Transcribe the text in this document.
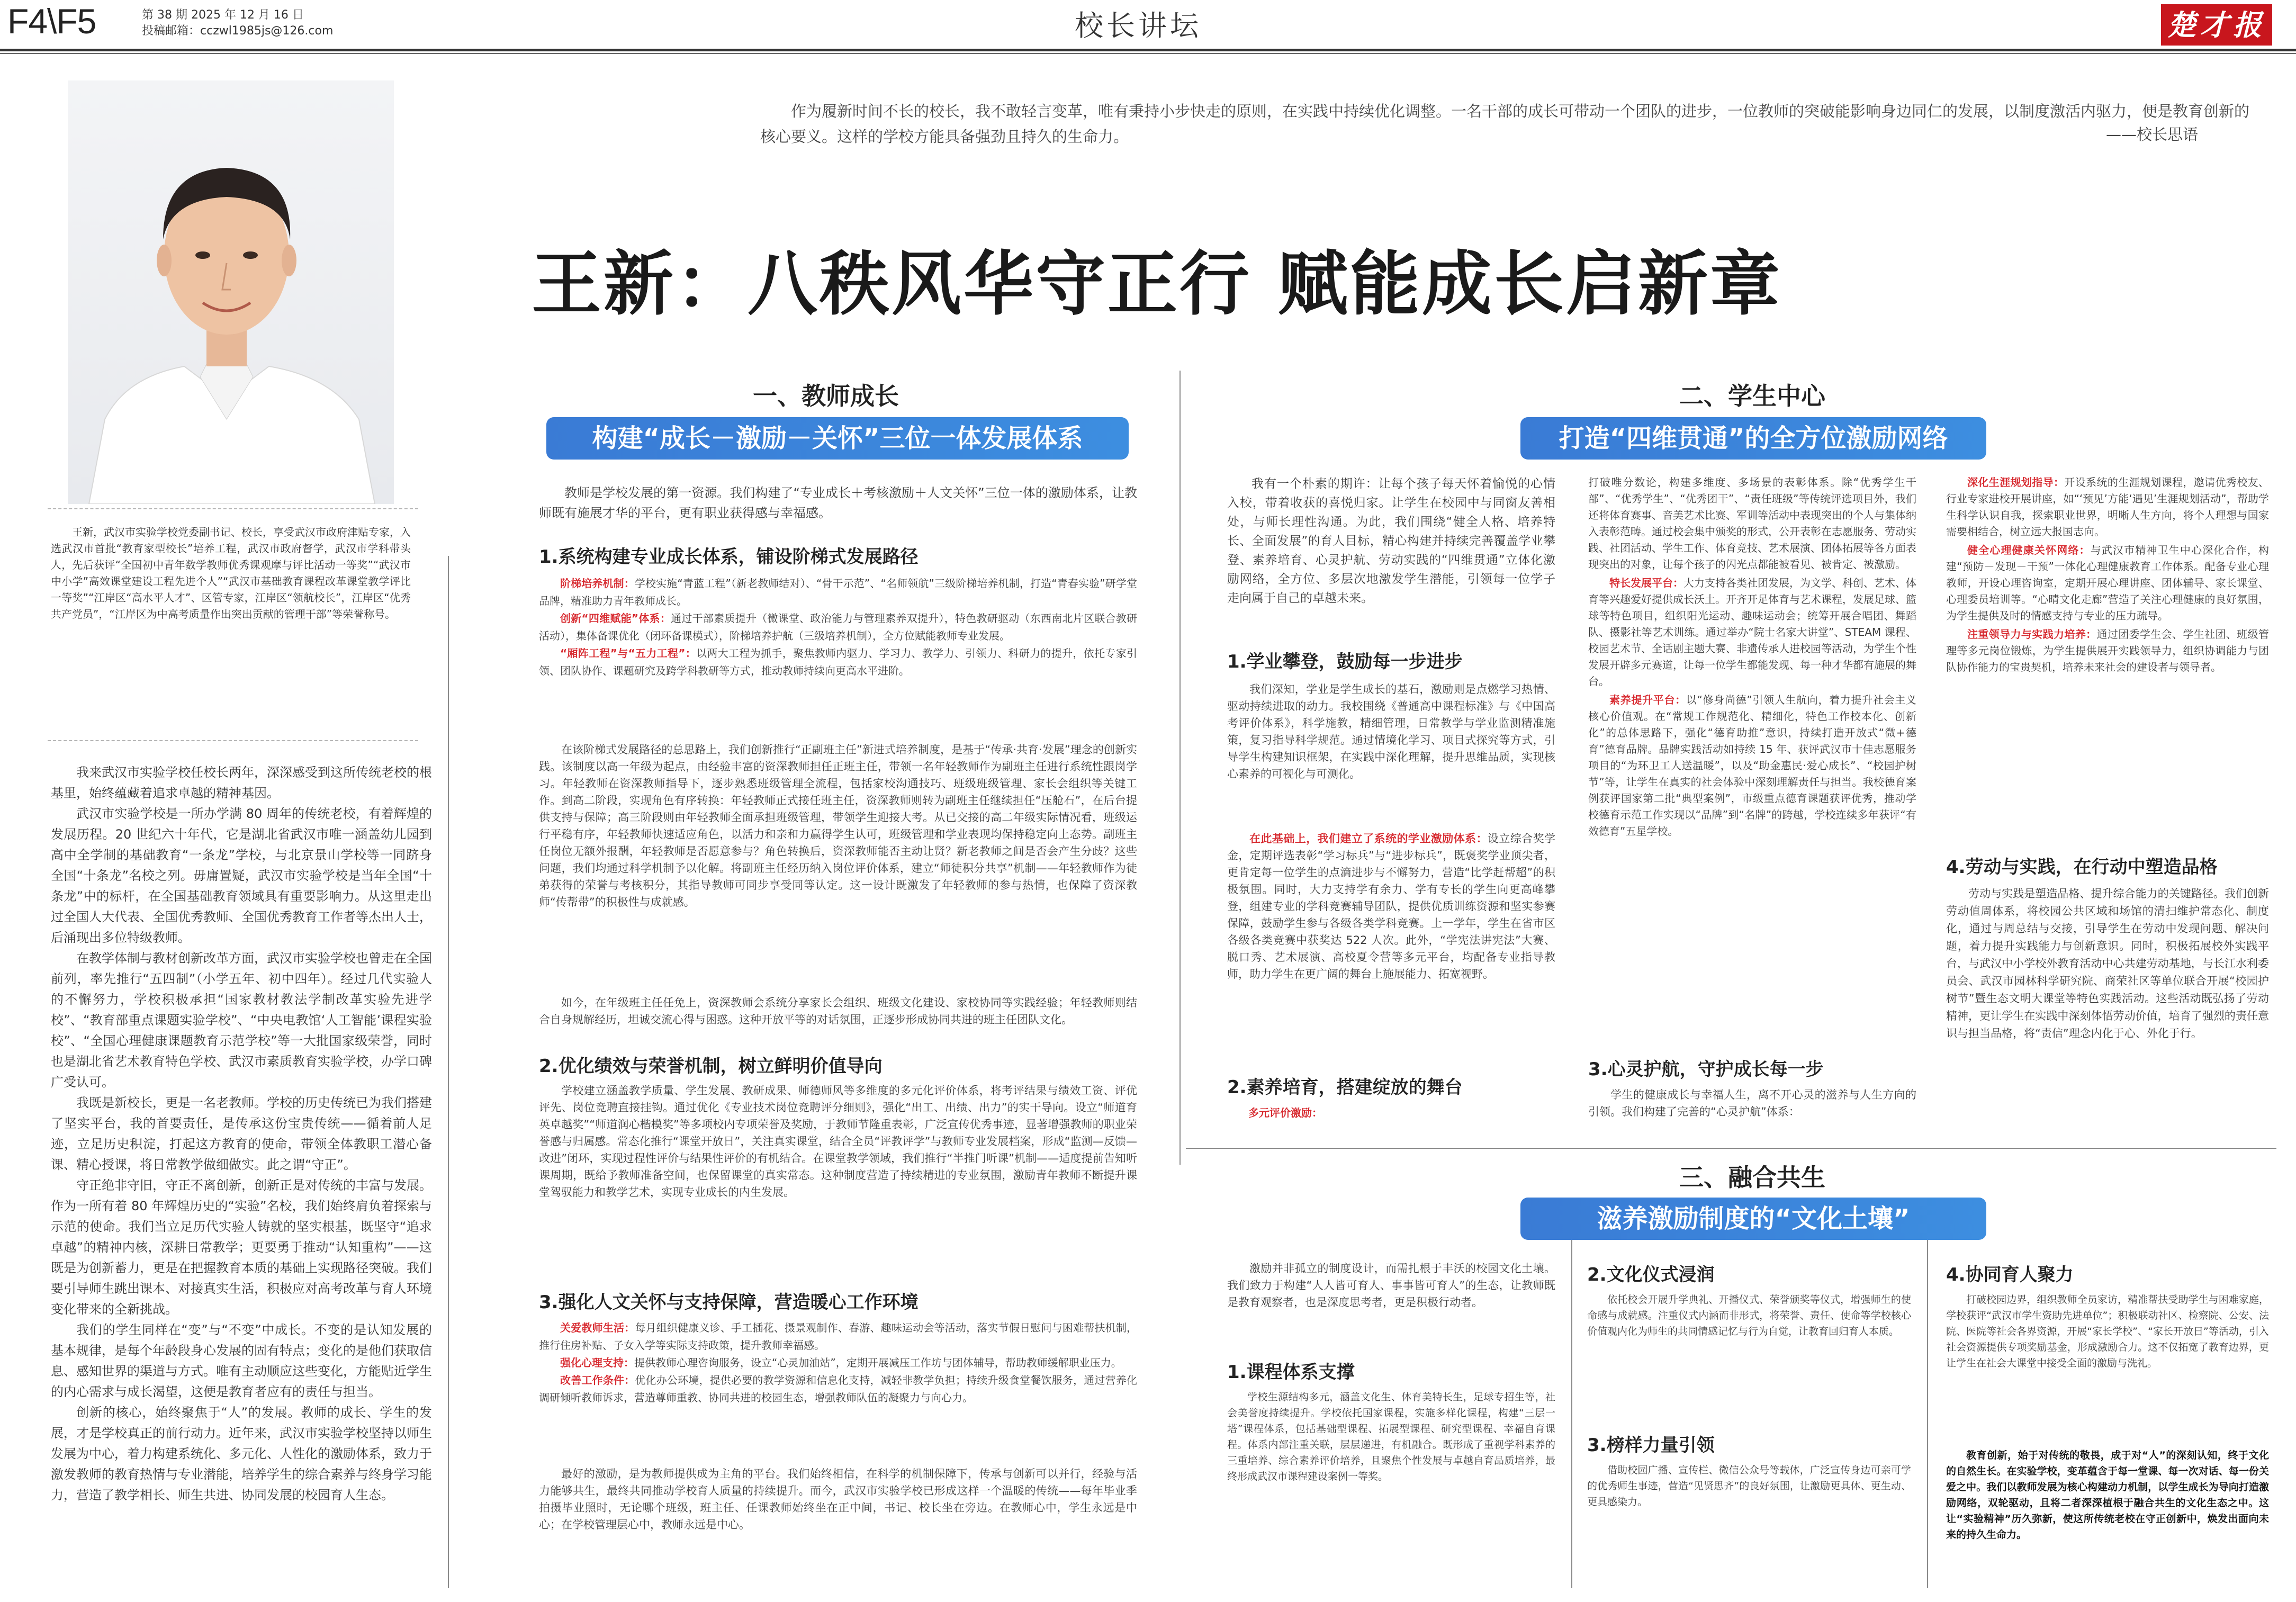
F4\F5	第 38 期 2025 年 12 月 16 日
投稿邮箱：cczwl1985js@126.com	校长讲坛	楚才报
王新，武汉市实验学校党委副书记、校长，享受武汉市政府津贴专家，入选武汉市首批“教育家型校长”培养工程，武汉市政府督学，武汉市学科带头人，先后获评“全国初中青年数学教师优秀课观摩与评比活动一等奖”“武汉市中小学”高效课堂建设工程先进个人”“武汉市基础教育课程改革课堂教学评比一等奖”“江岸区“高水平人才”、区管专家，江岸区“领航校长”，江岸区“优秀共产党员”，“江岸区为中高考质量作出突出贡献的管理干部”等荣誉称号。
作为履新时间不长的校长，我不敢轻言变革，唯有秉持小步快走的原则，在实践中持续优化调整。一名干部的成长可带动一个团队的进步，一位教师的突破能影响身边同仁的发展，以制度激活内驱力，便是教育创新的核心要义。这样的学校方能具备强劲且持久的生命力。	——校长思语
王新：八秩风华守正行 赋能成长启新章

我来武汉市实验学校任校长两年，深深感受到这所传统老校的根基里，始终蕴藏着追求卓越的精神基因。

武汉市实验学校是一所办学满 80 周年的传统老校，有着辉煌的发展历程。20 世纪六十年代，它是湖北省武汉市唯一涵盖幼儿园到高中全学制的基础教育“一条龙”学校，与北京景山学校等一同跻身全国“十条龙”名校之列。毋庸置疑，武汉市实验学校是当年全国“十条龙”中的标杆，在全国基础教育领域具有重要影响力。从这里走出过全国人大代表、全国优秀教师、全国优秀教育工作者等杰出人士，后涌现出多位特级教师。

在教学体制与教材创新改革方面，武汉市实验学校也曾走在全国前列，率先推行“五四制”（小学五年、初中四年）。经过几代实验人的不懈努力，学校积极承担“国家教材教法学制改革实验先进学校”、“教育部重点课题实验学校”、“中央电教馆‘人工智能’课程实验校”、“全国心理健康课题教育示范学校”等一大批国家级荣誉，同时也是湖北省艺术教育特色学校、武汉市素质教育实验学校，办学口碑广受认可。

我既是新校长，更是一名老教师。学校的历史传统已为我们搭建了坚实平台，我的首要责任，是传承这份宝贵传统——循着前人足迹，立足历史积淀，打起这方教育的使命，带领全体教职工潜心备课、精心授课，将日常教学做细做实。此之谓“守正”。

守正绝非守旧，守正不离创新，创新正是对传统的丰富与发展。作为一所有着 80 年辉煌历史的“实验”名校，我们始终肩负着探索与示范的使命。我们当立足历代实验人铸就的坚实根基，既坚守“追求卓越”的精神内核，深耕日常教学；更要勇于推动“认知重构”——这既是为创新蓄力，更是在把握教育本质的基础上实现路径突破。我们要引导师生跳出课本、对接真实生活，积极应对高考改革与育人环境变化带来的全新挑战。

我们的学生同样在“变”与“不变”中成长。不变的是认知发展的基本规律，是每个年龄段身心发展的固有特点；变化的是他们获取信息、感知世界的渠道与方式。唯有主动顺应这些变化，方能贴近学生的内心需求与成长渴望，这便是教育者应有的责任与担当。

创新的核心，始终聚焦于“人”的发展。教师的成长、学生的发展，才是学校真正的前行动力。近年来，武汉市实验学校坚持以师生发展为中心，着力构建系统化、多元化、人性化的激励体系，致力于激发教师的教育热情与专业潜能，培养学生的综合素养与终身学习能力，营造了教学相长、师生共进、协同发展的校园育人生态。

一、教师成长
构建“成长－激励－关怀”三位一体发展体系
教师是学校发展的第一资源。我们构建了“专业成长＋考核激励＋人文关怀”三位一体的激励体系，让教师既有施展才华的平台，更有职业获得感与幸福感。
1.系统构建专业成长体系，铺设阶梯式发展路径
阶梯培养机制：学校实施“青蓝工程”（新老教师结对）、“骨干示范”、“名师领航”三级阶梯培养机制，打造“青春实验”研学堂品牌，精准助力青年教师成长。
创新“四维赋能”体系：通过干部素质提升（微课堂、政治能力与管理素养双提升），特色教研驱动（东西南北片区联合教研活动），集体备课优化（闭环备课模式），阶梯培养护航（三级培养机制），全方位赋能教师专业发展。
“厢阵工程”与“五力工程”：以两大工程为抓手，聚焦教师内驱力、学习力、教学力、引领力、科研力的提升，依托专家引领、团队协作、课题研究及跨学科教研等方式，推动教师持续向更高水平进阶。
在该阶梯式发展路径的总思路上，我们创新推行“正副班主任”新进式培养制度，是基于“传承·共育·发展”理念的创新实践。该制度以高一年级为起点，由经验丰富的资深教师担任正班主任，带领一名年轻教师作为副班主任进行系统性跟岗学习。年轻教师在资深教师指导下，逐步熟悉班级管理全流程，包括家校沟通技巧、班级班级管理、家长会组织等关键工作。到高二阶段，实现角色有序转换：年轻教师正式接任班主任，资深教师则转为副班主任继续担任“压舱石”，在后台提供支持与保障；高三阶段则由年轻教师全面承担班级管理，带领学生迎接大考。从已交接的高二年级实际情况看，班级运行平稳有序，年轻教师快速适应角色，以活力和亲和力赢得学生认可，班级管理和学业表现均保持稳定向上态势。副班主任岗位无额外报酬，年轻教师是否愿意参与？角色转换后，资深教师能否主动让贤？新老教师之间是否会产生分歧？这些问题，我们均通过科学机制予以化解。将副班主任经历纳入岗位评价体系，建立“师徒积分共享”机制——年轻教师作为徒弟获得的荣誉与考核积分，其指导教师可同步享受同等认定。这一设计既激发了年轻教师的参与热情，也保障了资深教师“传帮带”的积极性与成就感。
如今，在年级班主任任免上，资深教师会系统分享家长会组织、班级文化建设、家校协同等实践经验；年轻教师则结合自身规解经历，坦诚交流心得与困惑。这种开放平等的对话氛围，正逐步形成协同共进的班主任团队文化。
2.优化绩效与荣誉机制，树立鲜明价值导向
学校建立涵盖教学质量、学生发展、教研成果、师德师风等多维度的多元化评价体系，将考评结果与绩效工资、评优评先、岗位竞聘直接挂钩。通过优化《专业技术岗位竞聘评分细则》，强化“出工、出绩、出力”的实干导向。设立“师道育英卓越奖”“师道润心楷模奖”等多项校内专项荣誉及奖励，于教师节隆重表彰，广泛宣传优秀事迹，显著增强教师的职业荣誉感与归属感。常态化推行“课堂开放日”，关注真实课堂，结合全员“评教评学”与教师专业发展档案，形成“监测—反馈—改进”闭环，实现过程性评价与结果性评价的有机结合。在课堂教学领域，我们推行“半推门听课”机制——适度提前告知听课周期，既给予教师准备空间，也保留课堂的真实常态。这种制度营造了持续精进的专业氛围，激励青年教师不断提升课堂驾驭能力和教学艺术，实现专业成长的内生发展。
3.强化人文关怀与支持保障，营造暖心工作环境
关爱教师生活：每月组织健康义诊、手工插花、摄景观制作、春游、趣味运动会等活动，落实节假日慰问与困难帮扶机制，推行住房补贴、子女入学等实际支持政策，提升教师幸福感。
强化心理支持：提供教师心理咨询服务，设立“心灵加油站”，定期开展减压工作坊与团体辅导，帮助教师缓解职业压力。
改善工作条件：优化办公环境，提供必要的教学资源和信息化支持，减轻非教学负担；持续升级食堂餐饮服务，通过营养化调研倾听教师诉求，营造尊师重教、协同共进的校园生态，增强教师队伍的凝聚力与向心力。
最好的激励，是为教师提供成为主角的平台。我们始终相信，在科学的机制保障下，传承与创新可以并行，经验与活力能够共生，最终共同推动学校育人质量的持续提升。而今，武汉市实验学校已形成这样一个温暖的传统——每年毕业季拍摄毕业照时，无论哪个班级，班主任、任课教师始终坐在正中间，书记、校长坐在旁边。在教师心中，学生永远是中心；在学校管理层心中，教师永远是中心。
二、学生中心
打造“四维贯通”的全方位激励网络
我有一个朴素的期许：让每个孩子每天怀着愉悦的心情入校，带着收获的喜悦归家。让学生在校园中与同窗友善相处，与师长理性沟通。为此，我们围绕“健全人格、培养特长、全面发展”的育人目标，精心构建并持续完善覆盖学业攀登、素养培育、心灵护航、劳动实践的“四维贯通”立体化激励网络，全方位、多层次地激发学生潜能，引领每一位学子走向属于自己的卓越未来。
1.学业攀登，鼓励每一步进步
我们深知，学业是学生成长的基石，激励则是点燃学习热情、驱动持续进取的动力。我校围绕《普通高中课程标准》与《中国高考评价体系》，科学施教，精细管理，日常教学与学业监测精准施策，复习指导科学规范。通过情境化学习、项目式探究等方式，引导学生构建知识框架，在实践中深化理解，提升思维品质，实现核心素养的可视化与可测化。
在此基础上，我们建立了系统的学业激励体系：设立综合奖学金，定期评选表彰“学习标兵”与“进步标兵”，既褒奖学业顶尖者，更肯定每一位学生的点滴进步与不懈努力，营造“比学赶帮超”的积极氛围。同时，大力支持学有余力、学有专长的学生向更高峰攀登，组建专业的学科竞赛辅导团队，提供优质训练资源和坚实参赛保障，鼓励学生参与各级各类学科竞赛。上一学年，学生在省市区各级各类竞赛中获奖达 522 人次。此外，“学宪法讲宪法”大赛、脱口秀、艺术展演、高校夏令营等多元平台，均配备专业指导教师，助力学生在更广阔的舞台上施展能力、拓宽视野。
2.素养培育，搭建绽放的舞台
多元评价激励：
打破唯分数论，构建多维度、多场景的表彰体系。除“优秀学生干部”、“优秀学生”、“优秀团干”、“责任班级”等传统评选项目外，我们还将体育赛事、音美艺术比赛、军训等活动中表现突出的个人与集体纳入表彰范畴。通过校会集中颁奖的形式，公开表彰在志愿服务、劳动实践、社团活动、学生工作、体育竞技、艺术展演、团体拓展等各方面表现突出的对象，让每个孩子的闪光点都能被看见、被肯定、被激励。
特长发展平台：大力支持各类社团发展，为文学、科创、艺术、体育等兴趣爱好提供成长沃土。开齐开足体育与艺术课程，发展足球、篮球等特色项目，组织阳光运动、趣味运动会；统筹开展合唱团、舞蹈队、摄影社等艺术训练。通过举办“院士名家大讲堂”、STEAM 课程、校园艺术节、全话剧主题大赛、非遗传承人进校园等活动，为学生个性发展开辟多元赛道，让每一位学生都能发现、每一种才华都有施展的舞台。
素养提升平台：以“修身尚德”引领人生航向，着力提升社会主义核心价值观。在“常规工作规范化、精细化，特色工作校本化、创新化”的总体思路下，强化“德育助推”意识，持续打造开放式“微+德育”德育品牌。品牌实践活动如持续 15 年、获评武汉市十佳志愿服务项目的“为环卫工人送温暖”，以及“助金惠民·爱心成长”、“校园护树节”等，让学生在真实的社会体验中深刻理解责任与担当。我校德育案例获评国家第二批“典型案例”，市级重点德育课题获评优秀，推动学校德育示范工作实现以“品牌”到“名牌”的跨越，学校连续多年获评“有效德育”五星学校。
3.心灵护航，守护成长每一步
学生的健康成长与幸福人生，离不开心灵的滋养与人生方向的引领。我们构建了完善的“心灵护航”体系：
深化生涯规划指导：开设系统的生涯规划课程，邀请优秀校友、行业专家进校开展讲座，如“‘预见’方能‘遇见’生涯规划活动”，帮助学生科学认识自我，探索职业世界，明晰人生方向，将个人理想与国家需要相结合，树立远大报国志向。
健全心理健康关怀网络：与武汉市精神卫生中心深化合作，构建“预防－发现－干预”一体化心理健康教育工作体系。配备专业心理教师，开设心理咨询室，定期开展心理讲座、团体辅导、家长课堂、心理委员培训等。“心晴文化走廊”营造了关注心理健康的良好氛围，为学生提供及时的情感支持与专业的压力疏导。
注重领导力与实践力培养：通过团委学生会、学生社团、班级管理等多元岗位锻炼，为学生提供展开实践领导力，组织协调能力与团队协作能力的宝贵契机，培养未来社会的建设者与领导者。
4.劳动与实践，在行动中塑造品格
劳动与实践是塑造品格、提升综合能力的关键路径。我们创新劳动值周体系，将校园公共区域和场馆的清扫维护常态化、制度化，通过与周总结与交接，引导学生在劳动中发现问题、解决问题，着力提升实践能力与创新意识。同时，积极拓展校外实践平台，与武汉中小学校外教育活动中心共建劳动基地，与长江水利委员会、武汉市园林科学研究院、商荣社区等单位联合开展“校园护树节”暨生态文明大课堂等特色实践活动。这些活动既弘扬了劳动精神，更让学生在实践中深刻体悟劳动价值，培育了强烈的责任意识与担当品格，将“责信”理念内化于心、外化于行。
三、融合共生
滋养激励制度的“文化土壤”
激励并非孤立的制度设计，而需扎根于丰沃的校园文化土壤。我们致力于构建“人人皆可育人、事事皆可育人”的生态，让教师既是教育观察者，也是深度思考者，更是积极行动者。
1.课程体系支撑
学校生源结构多元，涵盖文化生、体育美特长生，足球专招生等，社会美誉度持续提升。学校依托国家课程，实施多样化课程，构建“三层一塔”课程体系，包括基础型课程、拓展型课程、研究型课程、幸福自育课程。体系内部注重关联，层层递进，有机融合。既形成了重视学科素养的三重培养、综合素养评价培养，且聚焦个性发展与卓越自育品质培养，最终形成武汉市课程建设案例一等奖。
2.文化仪式浸润
依托校会开展升学典礼、开播仪式、荣誉颁奖等仪式，增强师生的使命感与成就感。注重仪式内涵而非形式，将荣誉、责任、使命等学校核心价值观内化为师生的共同情感记忆与行为自觉，让教育回归育人本质。
3.榜样力量引领
借助校园广播、宣传栏、微信公众号等载体，广泛宣传身边可亲可学的优秀师生事迹，营造“见贤思齐”的良好氛围，让激励更具体、更生动、更具感染力。
4.协同育人聚力
打破校园边界，组织教师全员家访，精准帮扶受助学生与困难家庭，学校获评“武汉市学生资助先进单位”；积极联动社区、检察院、公安、法院、医院等社会各界资源，开展“家长学校”、“家长开放日”等活动，引入社会资源提供专项奖励基金，形成激励合力。这不仅拓宽了教育边界，更让学生在社会大课堂中接受全面的激励与洗礼。
教育创新，始于对传统的敬畏，成于对“人”的深刻认知，终于文化的自然生长。在实验学校，变革蕴含于每一堂课、每一次对话、每一份关爱之中。我们以教师发展为核心构建动力机制，以学生成长为导向打造激励网络，双轮驱动，且将二者深深植根于融合共生的文化生态之中。这让“实验精神”历久弥新，使这所传统老校在守正创新中，焕发出面向未来的持久生命力。
